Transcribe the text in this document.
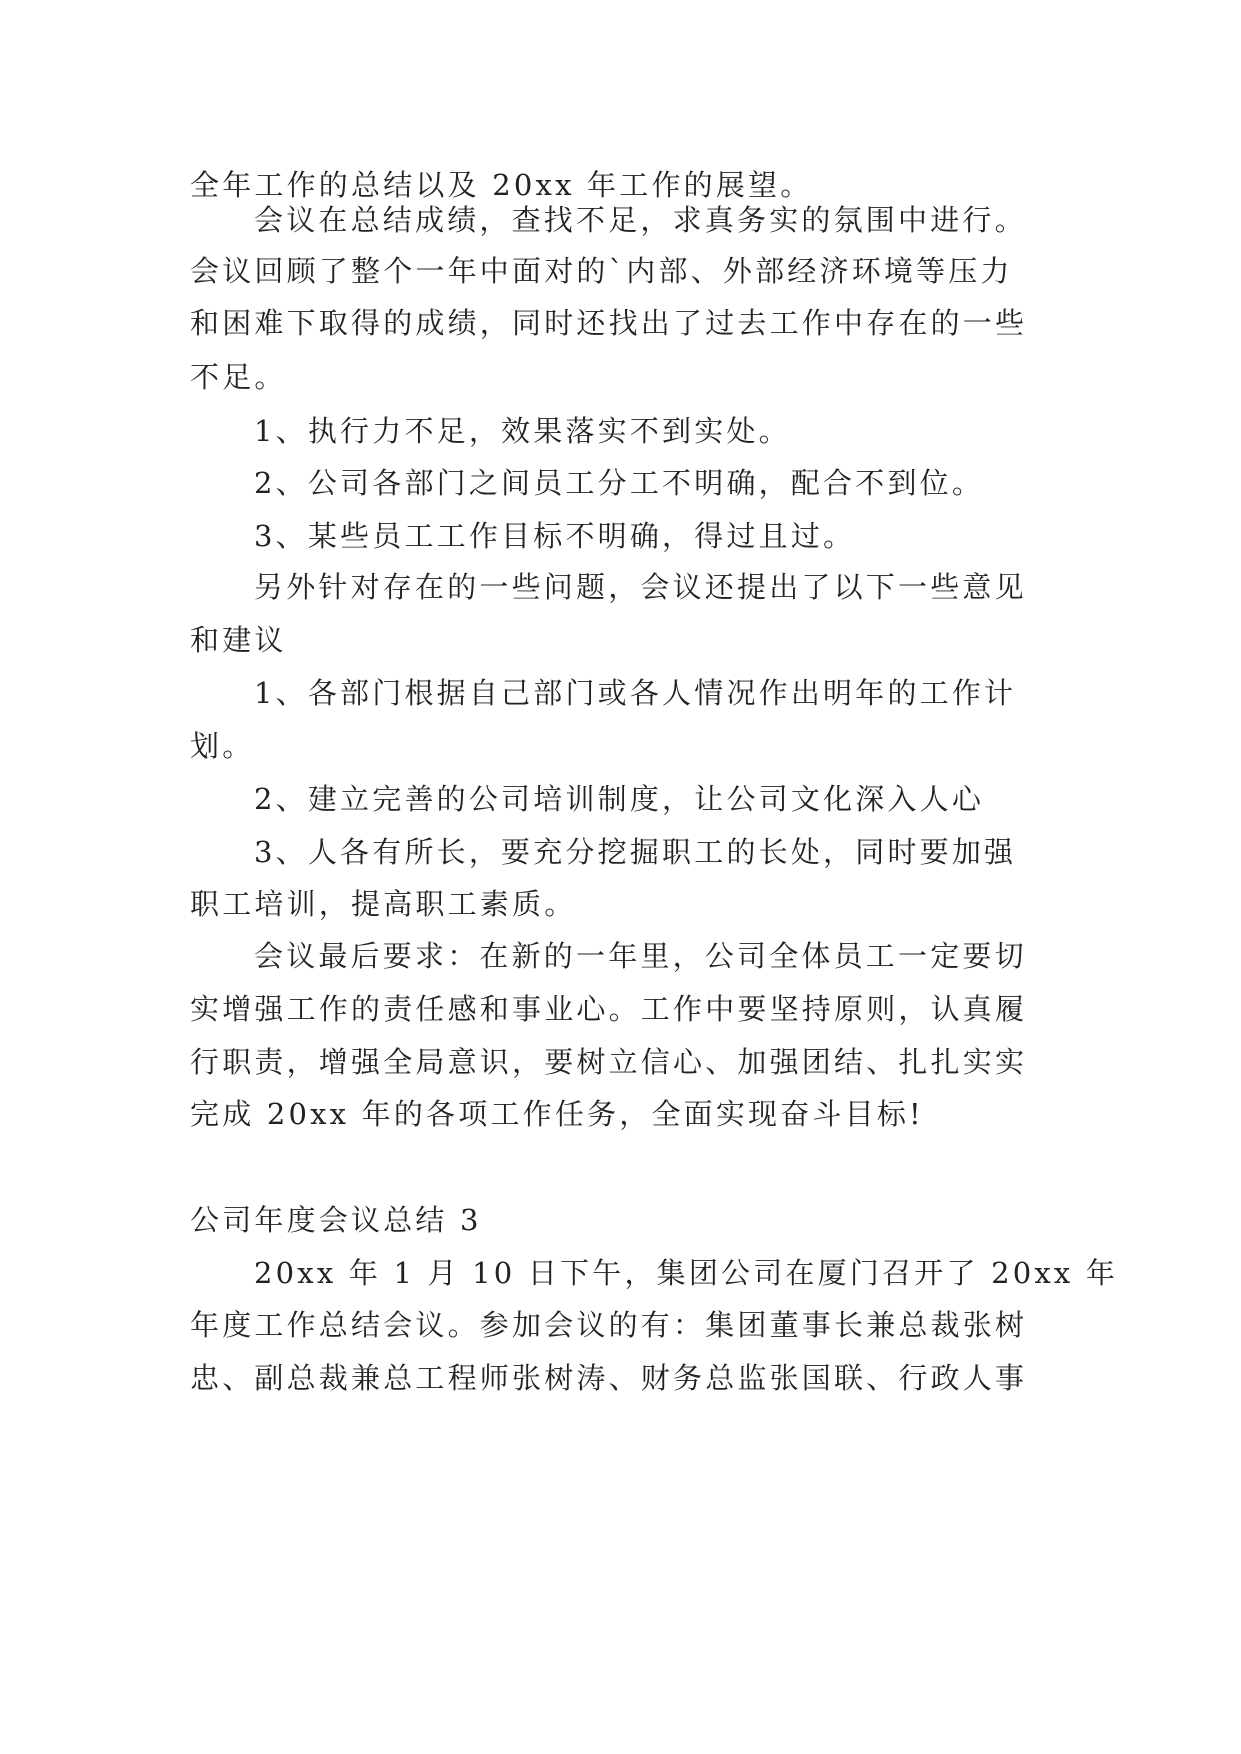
全年工作的总结以及 20xx 年工作的展望。
会议在总结成绩，查找不足，求真务实的氛围中进行。
会议回顾了整个一年中面对的`内部、外部经济环境等压力
和困难下取得的成绩，同时还找出了过去工作中存在的一些
不足。
1、执行力不足，效果落实不到实处。
2、公司各部门之间员工分工不明确，配合不到位。
3、某些员工工作目标不明确，得过且过。
另外针对存在的一些问题，会议还提出了以下一些意见
和建议
1、各部门根据自己部门或各人情况作出明年的工作计
划。
2、建立完善的公司培训制度，让公司文化深入人心
3、人各有所长，要充分挖掘职工的长处，同时要加强
职工培训，提高职工素质。
会议最后要求：在新的一年里，公司全体员工一定要切
实增强工作的责任感和事业心。工作中要坚持原则，认真履
行职责，增强全局意识，要树立信心、加强团结、扎扎实实
完成 20xx 年的各项工作任务，全面实现奋斗目标!
公司年度会议总结 3
20xx 年 1 月 10 日下午，集团公司在厦门召开了 20xx 年
年度工作总结会议。参加会议的有：集团董事长兼总裁张树
忠、副总裁兼总工程师张树涛、财务总监张国联、行政人事
